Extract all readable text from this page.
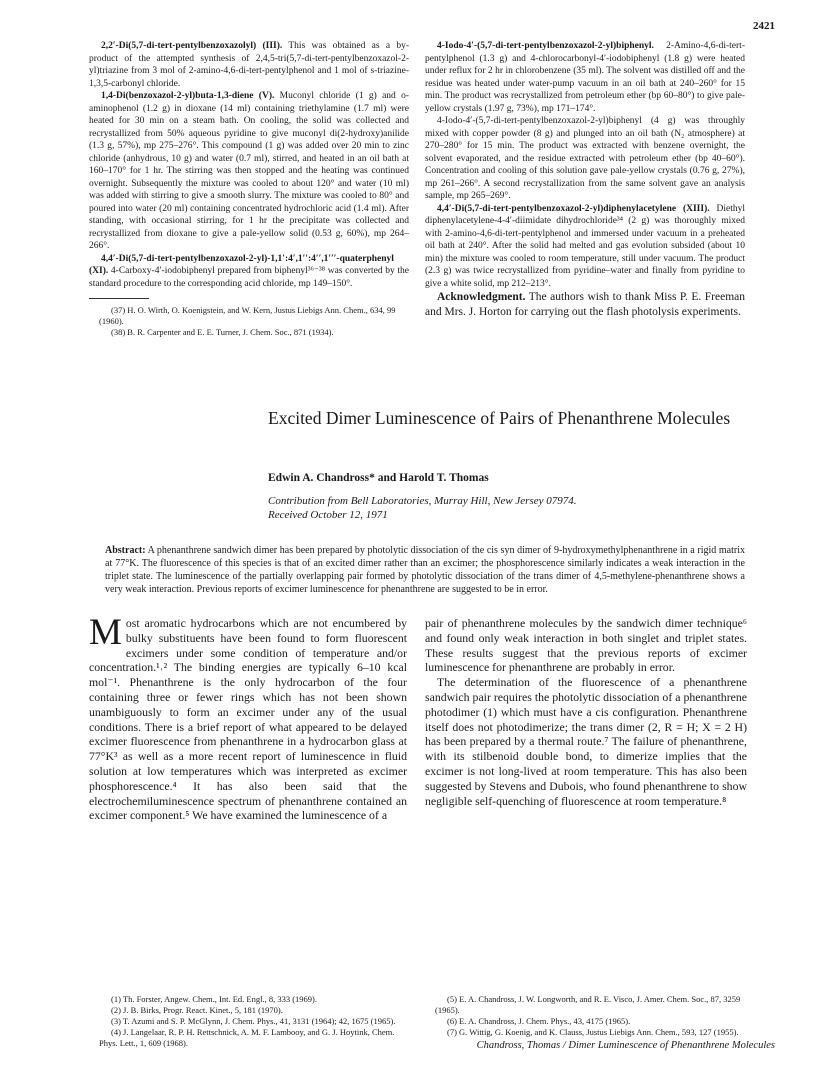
2421

2,2′-Di(5,7-di-tert-pentylbenzoxazolyl) (III). This was obtained as a by-product of the attempted synthesis of 2,4,5-tri(5,7-di-tert-pentylbenzoxazol-2-yl)triazine from 3 mol of 2-amino-4,6-di-tert-pentylphenol and 1 mol of s-triazine-1,3,5-carbonyl chloride.

1,4-Di(benzoxazol-2-yl)buta-1,3-diene (V). Muconyl chloride (1 g) and o-aminophenol (1.2 g) in dioxane (14 ml) containing triethylamine (1.7 ml) were heated for 30 min on a steam bath. On cooling, the solid was collected and recrystallized from 50% aqueous pyridine to give muconyl di(2-hydroxy)anilide (1.3 g, 57%), mp 275–276°. This compound (1 g) was added over 20 min to zinc chloride (anhydrous, 10 g) and water (0.7 ml), stirred, and heated in an oil bath at 160–170° for 1 hr. The stirring was then stopped and the heating was continued overnight. Subsequently the mixture was cooled to about 120° and water (10 ml) was added with stirring to give a smooth slurry. The mixture was cooled to 80° and poured into water (20 ml) containing concentrated hydrochloric acid (1.4 ml). After standing, with occasional stirring, for 1 hr the precipitate was collected and recrystallized from dioxane to give a pale-yellow solid (0.53 g, 60%), mp 264–266°.

4,4′-Di(5,7-di-tert-pentylbenzoxazol-2-yl)-1,1′:4′,1′′:4′′,1′′′-quaterphenyl (XI). 4-Carboxy-4′-iodobiphenyl prepared from biphenyl³⁶⁻³⁸ was converted by the standard procedure to the corresponding acid chloride, mp 149–150°.

(37) H. O. Wirth, O. Koenigstein, and W. Kern, Justus Liebigs Ann. Chem., 634, 99 (1960).

(38) B. R. Carpenter and E. E. Turner, J. Chem. Soc., 871 (1934).

4-Iodo-4′-(5,7-di-tert-pentylbenzoxazol-2-yl)biphenyl. 2-Amino-4,6-di-tert-pentylphenol (1.3 g) and 4-chlorocarbonyl-4′-iodobiphenyl (1.8 g) were heated under reflux for 2 hr in chlorobenzene (35 ml). The solvent was distilled off and the residue was heated under water-pump vacuum in an oil bath at 240–260° for 15 min. The product was recrystallized from petroleum ether (bp 60–80°) to give pale-yellow crystals (1.97 g, 73%), mp 171–174°.

4-Iodo-4′-(5,7-di-tert-pentylbenzoxazol-2-yl)biphenyl (4 g) was throughly mixed with copper powder (8 g) and plunged into an oil bath (N₂ atmosphere) at 270–280° for 15 min. The product was extracted with benzene overnight, the solvent evaporated, and the residue extracted with petroleum ether (bp 40–60°). Concentration and cooling of this solution gave pale-yellow crystals (0.76 g, 27%), mp 261–266°. A second recrystallization from the same solvent gave an analysis sample, mp 265–269°.

4,4′-Di(5,7-di-tert-pentylbenzoxazol-2-yl)diphenylacetylene (XIII). Diethyl diphenylacetylene-4-4′-diimidate dihydrochloride³⁴ (2 g) was thoroughly mixed with 2-amino-4,6-di-tert-pentylphenol and immersed under vacuum in a preheated oil bath at 240°. After the solid had melted and gas evolution subsided (about 10 min) the mixture was cooled to room temperature, still under vacuum. The product (2.3 g) was twice recrystallized from pyridine–water and finally from pyridine to give a white solid, mp 212–213°.

Acknowledgment. The authors wish to thank Miss P. E. Freeman and Mrs. J. Horton for carrying out the flash photolysis experiments.

Excited Dimer Luminescence of Pairs of Phenanthrene Molecules
Edwin A. Chandross* and Harold T. Thomas
Contribution from Bell Laboratories, Murray Hill, New Jersey 07974.
Received October 12, 1971
Abstract: A phenanthrene sandwich dimer has been prepared by photolytic dissociation of the cis syn dimer of 9-hydroxymethylphenanthrene in a rigid matrix at 77°K. The fluorescence of this species is that of an excited dimer rather than an excimer; the phosphorescence similarly indicates a weak interaction in the triplet state. The luminescence of the partially overlapping pair formed by photolytic dissociation of the trans dimer of 4,5-methylene-phenanthrene shows a very weak interaction. Previous reports of excimer luminescence for phenanthrene are suggested to be in error.

Most aromatic hydrocarbons which are not encumbered by bulky substituents have been found to form fluorescent excimers under some condition of temperature and/or concentration.¹˒² The binding energies are typically 6–10 kcal mol⁻¹. Phenanthrene is the only hydrocarbon of the four containing three or fewer rings which has not been shown unambiguously to form an excimer under any of the usual conditions. There is a brief report of what appeared to be delayed excimer fluorescence from phenanthrene in a hydrocarbon glass at 77°K³ as well as a more recent report of luminescence in fluid solution at low temperatures which was interpreted as excimer phosphorescence.⁴ It has also been said that the electrochemiluminescence spectrum of phenanthrene contained an excimer component.⁵ We have examined the luminescence of a

pair of phenanthrene molecules by the sandwich dimer technique⁶ and found only weak interaction in both singlet and triplet states. These results suggest that the previous reports of excimer luminescence for phenanthrene are probably in error.

The determination of the fluorescence of a phenanthrene sandwich pair requires the photolytic dissociation of a phenanthrene photodimer (1) which must have a cis configuration. Phenanthrene itself does not photodimerize; the trans dimer (2, R = H; X = 2 H) has been prepared by a thermal route.⁷ The failure of phenanthrene, with its stilbenoid double bond, to dimerize implies that the excimer is not long-lived at room temperature. This has also been suggested by Stevens and Dubois, who found phenanthrene to show negligible self-quenching of fluorescence at room temperature.⁸

(1) Th. Forster, Angew. Chem., Int. Ed. Engl., 8, 333 (1969).

(2) J. B. Birks, Progr. React. Kinet., 5, 181 (1970).

(3) T. Azumi and S. P. McGlynn, J. Chem. Phys., 41, 3131 (1964); 42, 1675 (1965).

(4) J. Langelaar, R. P. H. Rettschnick, A. M. F. Lambooy, and G. J. Hoytink, Chem. Phys. Lett., 1, 609 (1968).

(5) E. A. Chandross, J. W. Longworth, and R. E. Visco, J. Amer. Chem. Soc., 87, 3259 (1965).

(6) E. A. Chandross, J. Chem. Phys., 43, 4175 (1965).

(7) G. Wittig, G. Koenig, and K. Clauss, Justus Liebigs Ann. Chem., 593, 127 (1955).

Chandross, Thomas / Dimer Luminescence of Phenanthrene Molecules
